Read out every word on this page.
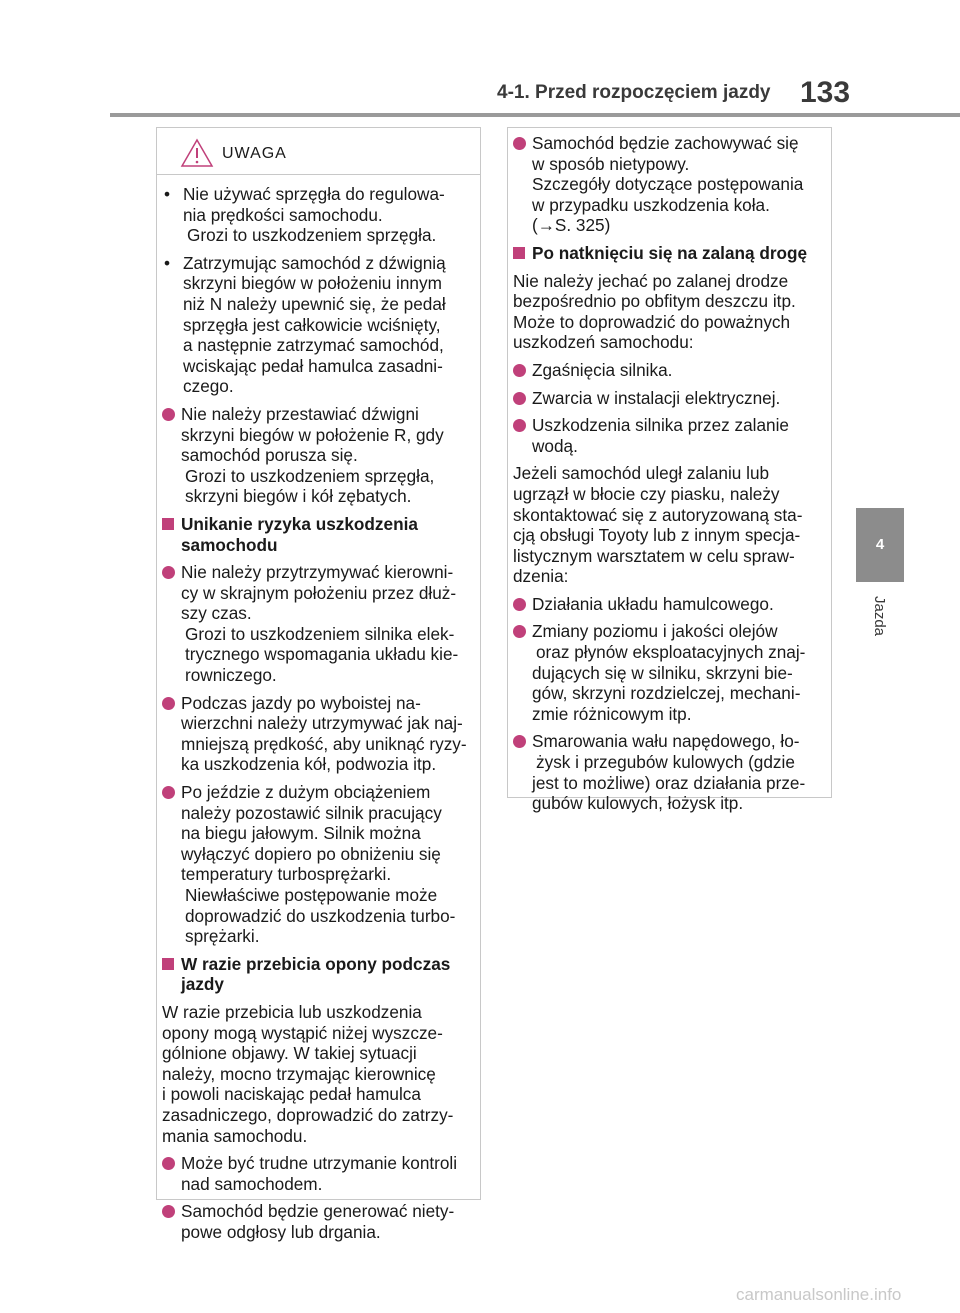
4-1. Przed rozpoczęciem jazdy 133
4
Jazda
UWAGA
• Nie używać sprzęgła do regulowa-
nia prędkości samochodu.
Grozi to uszkodzeniem sprzęgła.
• Zatrzymując samochód z dźwignią
skrzyni biegów w położeniu innym
niż N należy upewnić się, że pedał
sprzęgła jest całkowicie wciśnięty,
a następnie zatrzymać samochód,
wciskając pedał hamulca zasadni-
czego.
Nie należy przestawiać dźwigni
skrzyni biegów w położenie R, gdy
samochód porusza się.
Grozi to uszkodzeniem sprzęgła,
skrzyni biegów i kół zębatych.
Unikanie ryzyka uszkodzenia
samochodu
Nie należy przytrzymywać kierowni-
cy w skrajnym położeniu przez dłuż-
szy czas.
Grozi to uszkodzeniem silnika elek-
trycznego wspomagania układu kie-
rowniczego.
Podczas jazdy po wyboistej na-
wierzchni należy utrzymywać jak naj-
mniejszą prędkość, aby uniknąć ryzy-
ka uszkodzenia kół, podwozia itp.
Po jeździe z dużym obciążeniem
należy pozostawić silnik pracujący
na biegu jałowym. Silnik można
wyłączyć dopiero po obniżeniu się
temperatury turbosprężarki.
Niewłaściwe postępowanie może
doprowadzić do uszkodzenia turbo-
sprężarki.
W razie przebicia opony podczas
jazdy

W razie przebicia lub uszkodzenia
opony mogą wystąpić niżej wyszcze-
gólnione objawy. W takiej sytuacji
należy, mocno trzymając kierownicę
i powoli naciskając pedał hamulca
zasadniczego, doprowadzić do zatrzy-
mania samochodu.

Może być trudne utrzymanie kontroli
nad samochodem.
Samochód będzie generować niety-
powe odgłosy lub drgania.
Samochód będzie zachowywać się
w sposób nietypowy.
Szczegóły dotyczące postępowania
w przypadku uszkodzenia koła.
(→S. 325)
Po natknięciu się na zalaną drogę

Nie należy jechać po zalanej drodze
bezpośrednio po obfitym deszczu itp.
Może to doprowadzić do poważnych
uszkodzeń samochodu:

Zgaśnięcia silnika.
Zwarcia w instalacji elektrycznej.
Uszkodzenia silnika przez zalanie
wodą.

Jeżeli samochód uległ zalaniu lub
ugrzązł w błocie czy piasku, należy
skontaktować się z autoryzowaną sta-
cją obsługi Toyoty lub z innym specja-
listycznym warsztatem w celu spraw-
dzenia:

Działania układu hamulcowego.
Zmiany poziomu i jakości olejów
oraz płynów eksploatacyjnych znaj-
dujących się w silniku, skrzyni bie-
gów, skrzyni rozdzielczej, mechani-
zmie różnicowym itp.
Smarowania wału napędowego, ło-
żysk i przegubów kulowych (gdzie
jest to możliwe) oraz działania prze-
gubów kulowych, łożysk itp.
carmanualsonline.info
